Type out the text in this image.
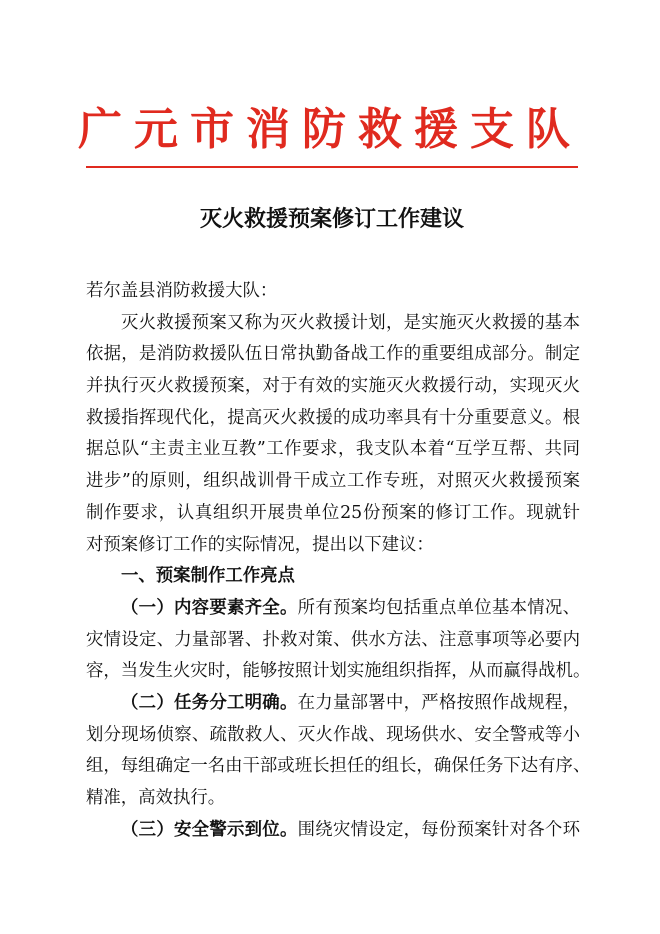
广元市消防救援支队
灭火救援预案修订工作建议
若尔盖县消防救援大队：
灭火救援预案又称为灭火救援计划，是实施灭火救援的基本
依据，是消防救援队伍日常执勤备战工作的重要组成部分。制定
并执行灭火救援预案，对于有效的实施灭火救援行动，实现灭火
救援指挥现代化，提高灭火救援的成功率具有十分重要意义。根
据总队“主责主业互教”工作要求，我支队本着“互学互帮、共同
进步”的原则，组织战训骨干成立工作专班，对照灭火救援预案
制作要求，认真组织开展贵单位25份预案的修订工作。现就针
对预案修订工作的实际情况，提出以下建议：
一、预案制作工作亮点
（一）内容要素齐全。所有预案均包括重点单位基本情况、
灾情设定、力量部署、扑救对策、供水方法、注意事项等必要内
容，当发生火灾时，能够按照计划实施组织指挥，从而赢得战机。
（二）任务分工明确。在力量部署中，严格按照作战规程，
划分现场侦察、疏散救人、灭火作战、现场供水、安全警戒等小
组，每组确定一名由干部或班长担任的组长，确保任务下达有序、
精准，高效执行。
（三）安全警示到位。围绕灾情设定，每份预案针对各个环
